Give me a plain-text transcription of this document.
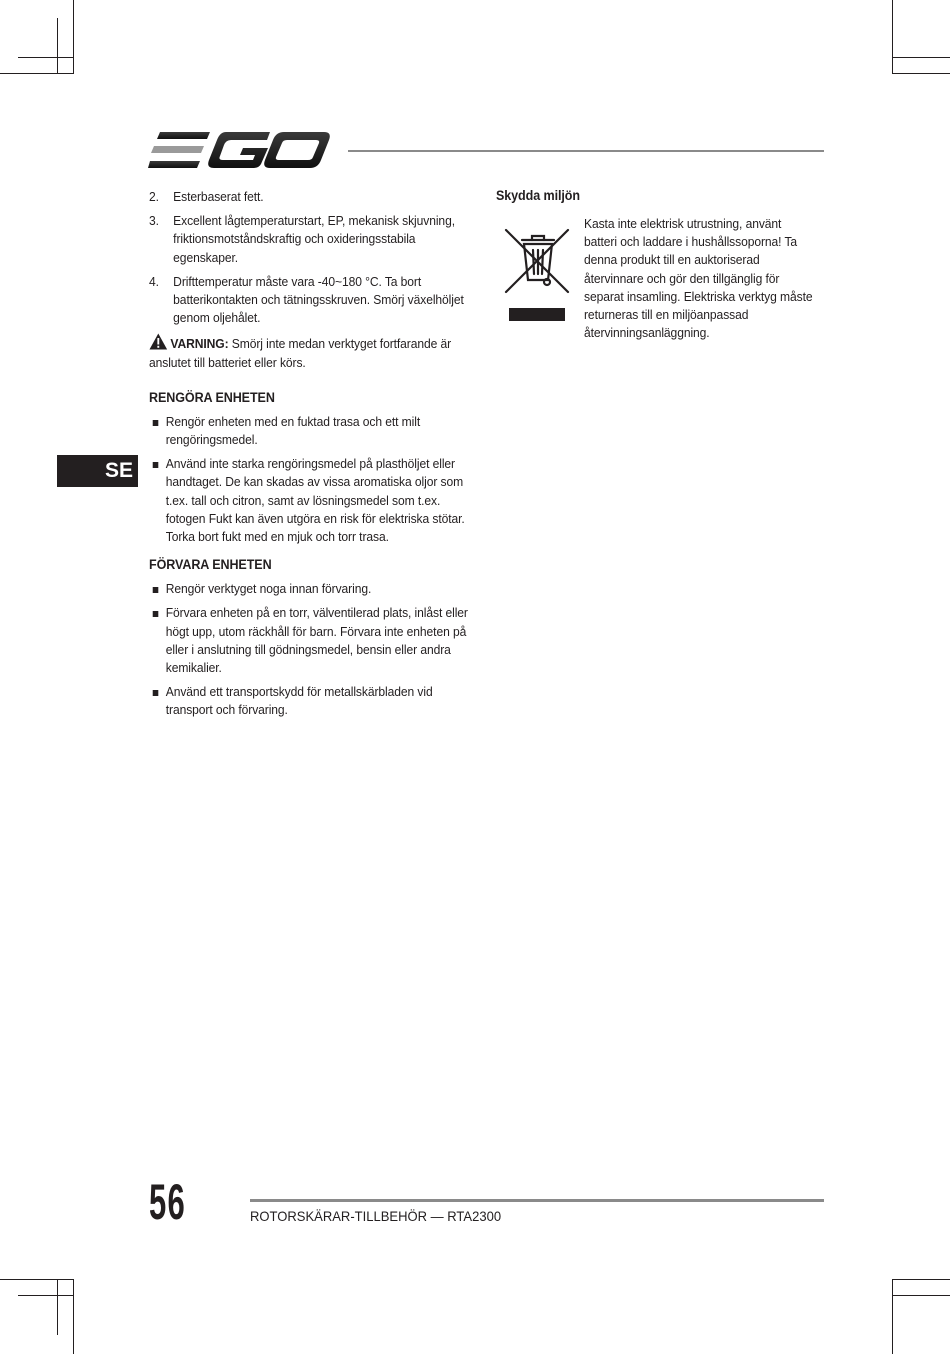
SE
2. Esterbaserat fett.
3. Excellent lågtemperaturstart, EP, mekanisk skjuvning, friktionsmotståndskraftig och oxideringsstabila egenskaper.
4. Drifttemperatur måste vara -40~180 °C. Ta bort batterikontakten och tätningsskruven. Smörj växelhöljet genom oljehålet.
VARNING: Smörj inte medan verktyget fortfarande är anslutet till batteriet eller körs.
RENGÖRA ENHETEN
Rengör enheten med en fuktad trasa och ett milt rengöringsmedel.
Använd inte starka rengöringsmedel på plasthöljet eller handtaget. De kan skadas av vissa aromatiska oljor som t.ex. tall och citron, samt av lösningsmedel som t.ex. fotogen Fukt kan även utgöra en risk för elektriska stötar. Torka bort fukt med en mjuk och torr trasa.
FÖRVARA ENHETEN
Rengör verktyget noga innan förvaring.
Förvara enheten på en torr, välventilerad plats, inlåst eller högt upp, utom räckhåll för barn. Förvara inte enheten på eller i anslutning till gödningsmedel, bensin eller andra kemikalier.
Använd ett transportskydd för metallskärbladen vid transport och förvaring.
Skydda miljön
Kasta inte elektrisk utrustning, använt batteri och laddare i hushållssoporna! Ta denna produkt till en auktoriserad återvinnare och gör den tillgänglig för separat insamling. Elektriska verktyg måste returneras till en miljöanpassad återvinningsanläggning.
56	ROTORSKÄRAR-TILLBEHÖR — RTA2300
